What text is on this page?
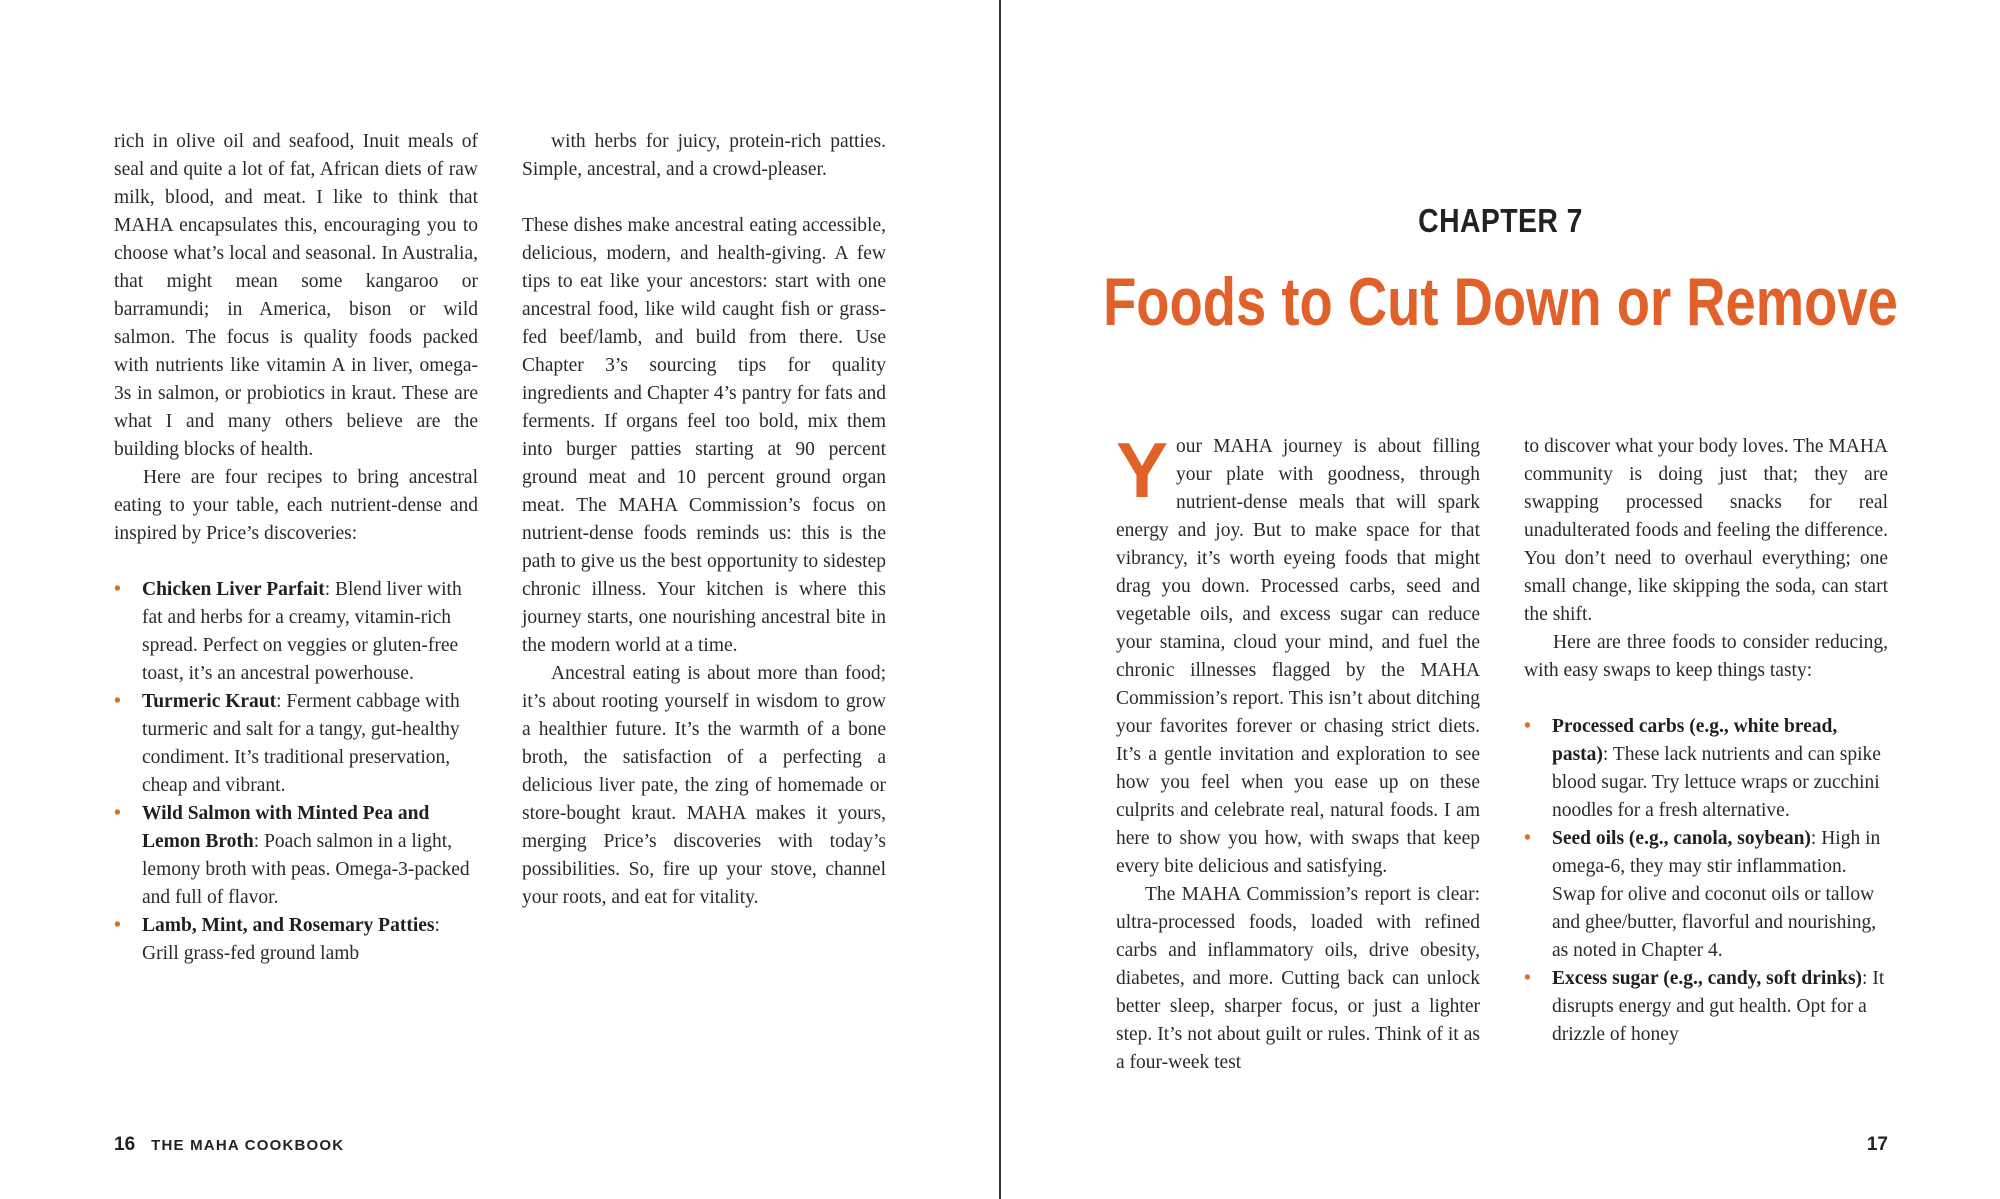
rich in olive oil and seafood, Inuit meals of seal and quite a lot of fat, African diets of raw milk, blood, and meat. I like to think that MAHA encapsulates this, encouraging you to choose what’s local and seasonal. In Australia, that might mean some kangaroo or barramundi; in America, bison or wild salmon. The focus is quality foods packed with nutrients like vitamin A in liver, omega-3s in salmon, or probiotics in kraut. These are what I and many others believe are the building blocks of health.

Here are four recipes to bring ancestral eating to your table, each nutrient-dense and inspired by Price’s discoveries:

• Chicken Liver Parfait: Blend liver with fat and herbs for a creamy, vitamin-rich spread. Perfect on veggies or gluten-free toast, it’s an ancestral powerhouse.
• Turmeric Kraut: Ferment cabbage with turmeric and salt for a tangy, gut-healthy condiment. It’s traditional preservation, cheap and vibrant.
• Wild Salmon with Minted Pea and Lemon Broth: Poach salmon in a light, lemony broth with peas. Omega-3-packed and full of flavor.
• Lamb, Mint, and Rosemary Patties: Grill grass-fed ground lamb

with herbs for juicy, protein-rich patties. Simple, ancestral, and a crowd-pleaser.

These dishes make ancestral eating accessible, delicious, modern, and health-giving. A few tips to eat like your ancestors: start with one ancestral food, like wild caught fish or grass-fed beef/lamb, and build from there. Use Chapter 3’s sourcing tips for quality ingredients and Chapter 4’s pantry for fats and ferments. If organs feel too bold, mix them into burger patties starting at 90 percent ground meat and 10 percent ground organ meat. The MAHA Commission’s focus on nutrient-dense foods reminds us: this is the path to give us the best opportunity to sidestep chronic illness. Your kitchen is where this journey starts, one nourishing ancestral bite in the modern world at a time.

Ancestral eating is about more than food; it’s about rooting yourself in wisdom to grow a healthier future. It’s the warmth of a bone broth, the satisfaction of a perfecting a delicious liver pate, the zing of homemade or store-bought kraut. MAHA makes it yours, merging Price’s discoveries with today’s possibilities. So, fire up your stove, channel your roots, and eat for vitality.

16 THE MAHA COOKBOOK
CHAPTER 7
Foods to Cut Down or Remove

Your MAHA journey is about filling your plate with goodness, through nutrient-dense meals that will spark energy and joy. But to make space for that vibrancy, it’s worth eyeing foods that might drag you down. Processed carbs, seed and vegetable oils, and excess sugar can reduce your stamina, cloud your mind, and fuel the chronic illnesses flagged by the MAHA Commission’s report. This isn’t about ditching your favorites forever or chasing strict diets. It’s a gentle invitation and exploration to see how you feel when you ease up on these culprits and celebrate real, natural foods. I am here to show you how, with swaps that keep every bite delicious and satisfying.

The MAHA Commission’s report is clear: ultra-processed foods, loaded with refined carbs and inflammatory oils, drive obesity, diabetes, and more. Cutting back can unlock better sleep, sharper focus, or just a lighter step. It’s not about guilt or rules. Think of it as a four-week test

to discover what your body loves. The MAHA community is doing just that; they are swapping processed snacks for real unadulterated foods and feeling the difference. You don’t need to overhaul everything; one small change, like skipping the soda, can start the shift.

Here are three foods to consider reducing, with easy swaps to keep things tasty:

• Processed carbs (e.g., white bread, pasta): These lack nutrients and can spike blood sugar. Try lettuce wraps or zucchini noodles for a fresh alternative.
• Seed oils (e.g., canola, soybean): High in omega-6, they may stir inflammation. Swap for olive and coconut oils or tallow and ghee/butter, flavorful and nourishing, as noted in Chapter 4.
• Excess sugar (e.g., candy, soft drinks): It disrupts energy and gut health. Opt for a drizzle of honey
17
